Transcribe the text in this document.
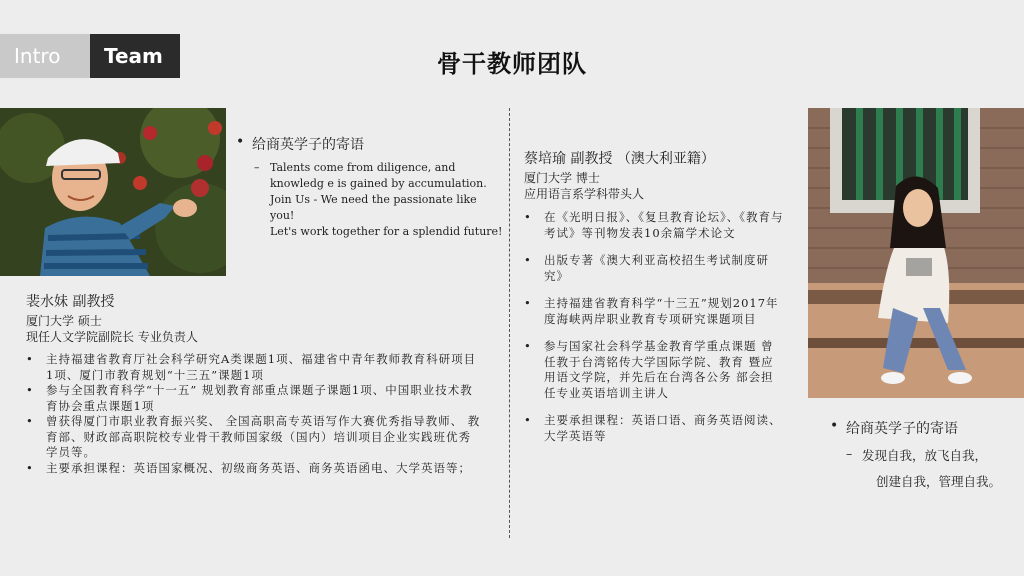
Intro	Team	骨干教师团队
• 给商英学子的寄语
– Talents come from diligence, and knowledg e is gained by accumulation.
Join Us - We need the passionate like you!
Let's work together for a splendid future!
裴水妹 副教授
厦门大学 硕士
现任人文学院副院长 专业负责人
•	主持福建省教育厅社会科学研究A类课题1项、福建省中青年教师教育科研项目1项、厦门市教育规划“十三五”课题1项
•	参与全国教育科学“十一五” 规划教育部重点课题子课题1项、中国职业技术教育协会重点课题1项
•	曾获得厦门市职业教育振兴奖、 全国高职高专英语写作大赛优秀指导教师、 教育部、财政部高职院校专业骨干教师国家级（国内）培训项目企业实践班优秀学员等。
•	主要承担课程：英语国家概况、初级商务英语、商务英语函电、大学英语等；
蔡培瑜 副教授 （澳大利亚籍）
厦门大学 博士
应用语言系学科带头人
•	在《光明日报》、《复旦教育论坛》、《教育与考试》等刊物发表10余篇学术论文
•	出版专著《澳大利亚高校招生考试制度研究》
•	主持福建省教育科学“十三五”规划2017年度海峡两岸职业教育专项研究课题项目
•	参与国家社会科学基金教育学重点课题 曾任教于台湾铭传大学国际学院、教育 暨应用语文学院，并先后在台湾各公务 部会担任专业英语培训主讲人
•	主要承担课程：英语口语、商务英语阅读、大学英语等
• 给商英学子的寄语
– 发现自我，放飞自我，
创建自我，管理自我。
